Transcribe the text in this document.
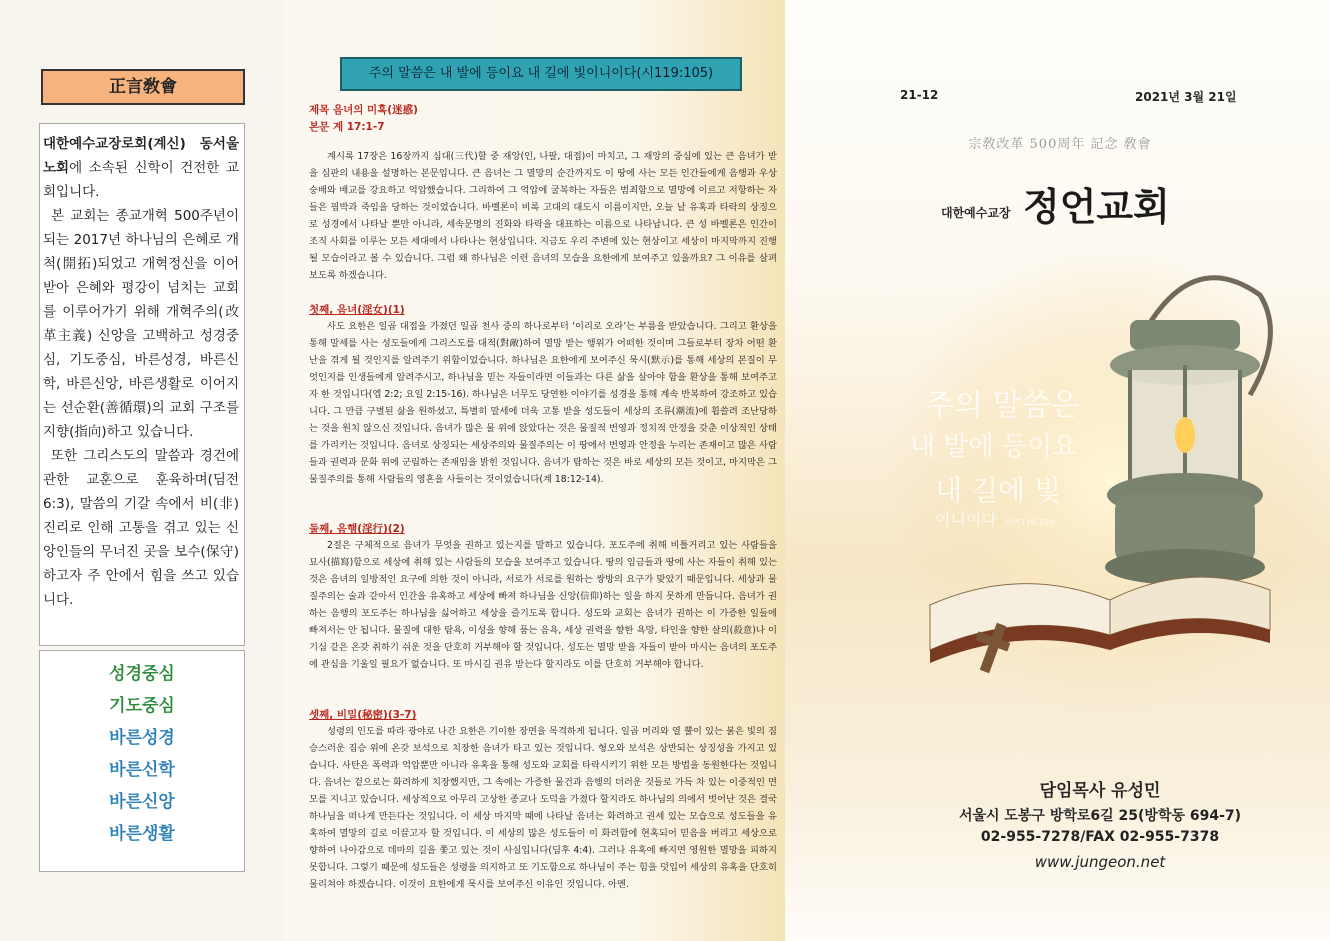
正言敎會

대한예수교장로회(계신) 동서울 노회에 소속된 신학이 건전한 교회입니다.

본 교회는 종교개혁 500주년이 되는 2017년 하나님의 은혜로 개척(開拓)되었고 개혁정신을 이어받아 은혜와 평강이 넘치는 교회를 이루어가기 위해 개혁주의(改革主義) 신앙을 고백하고 성경중심, 기도중심, 바른성경, 바른신학, 바른신앙, 바른생활로 이어지는 선순환(善循環)의 교회 구조를 지향(指向)하고 있습니다.

또한 그리스도의 말씀과 경건에 관한 교훈으로 훈육하며(딤전 6:3), 말씀의 기갈 속에서 비(非) 진리로 인해 고통을 겪고 있는 신앙인들의 무너진 곳을 보수(保守)하고자 주 안에서 힘을 쓰고 있습니다.

성경중심
기도중심
바른성경
바른신학
바른신앙
바른생활
주의 말씀은 내 발에 등이요 내 길에 빛이니이다(시119:105)
제목 음녀의 미혹(迷惑)
본문 계 17:1-7

계시록 17장은 16장까지 심대(三代)할 중 재앙(인, 나팔, 대접)이 마치고, 그 재앙의 중심에 있는 큰 음녀가 받을 심판의 내용을 설명하는 본문입니다. 큰 음녀는 그 멸망의 순간까지도 이 땅에 사는 모든 인간들에게 음행과 우상숭배와 배교를 강요하고 억압했습니다. 그리하여 그 억압에 굴복하는 자들은 범죄함으로 멸망에 이르고 저항하는 자들은 핍박과 죽임을 당하는 것이었습니다. 바벨론이 비록 고대의 대도시 이름이지만, 오늘 날 유혹과 타락의 상징으로 성경에서 나타날 뿐만 아니라, 세속문명의 진화와 타락을 대표하는 이름으로 나타납니다. 큰 성 바벨론은 인간이 조직 사회를 이루는 모든 세대에서 나타나는 현상입니다. 지금도 우리 주변에 있는 현상이고 세상이 마지막까지 진행될 모습이라고 볼 수 있습니다. 그럼 왜 하나님은 이런 음녀의 모습을 요한에게 보여주고 있을까요? 그 이유를 살펴보도록 하겠습니다.

첫째, 음녀(淫女)(1)

사도 요한은 일곱 대접을 가졌던 일곱 천사 중의 하나로부터 ‘이리로 오라’는 부름을 받았습니다. 그리고 환상을 통해 말세를 사는 성도들에게 그리스도를 대적(對敵)하여 멸망 받는 행위가 어떠한 것이며 그들로부터 장차 어떤 환난을 겪게 될 것인지를 알려주기 위함이었습니다. 하나님은 요한에게 보여주신 묵시(默示)를 통해 세상의 본질이 무엇인지를 인생들에게 알려주시고, 하나님을 믿는 자들이라면 이들과는 다른 삶을 살아야 함을 환상을 통해 보여주고자 한 것입니다(엡 2:2; 요일 2:15-16). 하나님은 너무도 당연한 이야기를 성경을 통해 계속 반복하여 강조하고 있습니다. 그 만큼 구별된 삶을 원하셨고, 특별히 말세에 더욱 고통 받을 성도들이 세상의 조류(潮流)에 휩쓸려 조난당하는 것을 원치 않으신 것입니다. 음녀가 많은 물 위에 앉았다는 것은 물질적 번영과 정치적 안정을 갖춘 이상적인 상태를 가리키는 것입니다. 음녀로 상징되는 세상주의와 물질주의는 이 땅에서 번영과 안정을 누리는 존재이고 많은 사람들과 권력과 문화 위에 군림하는 존재임을 밝힌 것입니다. 음녀가 탐하는 것은 바로 세상의 모든 것이고, 마지막은 그 물질주의를 통해 사람들의 영혼을 사들이는 것이었습니다(계 18:12-14).

둘째, 음행(淫行)(2)

2절은 구체적으로 음녀가 무엇을 권하고 있는지를 말하고 있습니다. 포도주에 취해 비틀거리고 있는 사람들을 묘사(描寫)함으로 세상에 취해 있는 사람들의 모습을 보여주고 있습니다. 땅의 임금들과 땅에 사는 자들이 취해 있는 것은 음녀의 일방적인 요구에 의한 것이 아니라, 서로가 서로를 원하는 쌍방의 요구가 맞았기 때문입니다. 세상과 물질주의는 술과 같아서 인간을 유혹하고 세상에 빠져 하나님을 신앙(信仰)하는 일을 하지 못하게 만듭니다. 음녀가 권하는 음행의 포도주는 하나님을 싫어하고 세상을 즐기도록 합니다. 성도와 교회는 음녀가 권하는 이 가증한 일들에 빠져서는 안 됩니다. 물질에 대한 탐욕, 이성을 향해 품는 음욕, 세상 권력을 향한 욕망, 타인을 향한 살의(殺意)나 이기심 같은 온갖 취하기 쉬운 것을 단호히 거부해야 할 것입니다. 성도는 멸망 받을 자들이 받아 마시는 음녀의 포도주에 관심을 기울일 필요가 없습니다. 또 마시길 권유 받는다 할지라도 이를 단호히 거부해야 합니다.

셋째, 비밀(秘密)(3-7)

성령의 인도를 따라 광야로 나간 요한은 기이한 장면을 목격하게 됩니다. 일곱 머리와 열 뿔이 있는 붉은 빛의 짐승스러운 짐승 위에 온갖 보석으로 치장한 음녀가 타고 있는 것입니다. 형오와 보석은 상반되는 상징성을 가지고 있습니다. 사탄은 폭력과 억압뿐만 아니라 유혹을 통해 성도와 교회를 타락시키기 위한 모든 방법을 동원한다는 것입니다. 음녀는 겉으로는 화려하게 치장했지만, 그 속에는 가증한 물건과 음행의 더러운 것들로 가득 차 있는 이중적인 면모를 지니고 있습니다. 세상적으로 아무리 고상한 종교나 도덕을 가졌다 할지라도 하나님의 의에서 벗어난 것은 결국 하나님을 떠나게 만든다는 것입니다. 이 세상 마지막 때에 나타날 음녀는 화려하고 권세 있는 모습으로 성도들을 유혹하여 멸망의 길로 이끌고자 할 것입니다. 이 세상의 많은 성도들이 이 화려함에 현혹되어 믿음을 버리고 세상으로 향하여 나아감으로 데마의 길을 쫓고 있는 것이 사실입니다(딤후 4:4). 그러나 유혹에 빠지면 영원한 멸망을 피하지 못합니다. 그렇기 때문에 성도들은 성령을 의지하고 또 기도함으로 하나님이 주는 힘을 덧입어 세상의 유혹을 단호히 물리쳐야 하겠습니다. 이것이 요한에게 묵시를 보여주신 이유인 것입니다. 아멘.

21-12	2021년 3월 21일
宗敎改革 500周年 記念 敎會
대한예수교장 정언교회
주의 말씀은
내 발에 등이요
내 길에 빛
이니이다 시편119:105
담임목사 유성민
서울시 도봉구 방학로6길 25(방학동 694-7)
02-955-7278/FAX 02-955-7378
www.jungeon.net
